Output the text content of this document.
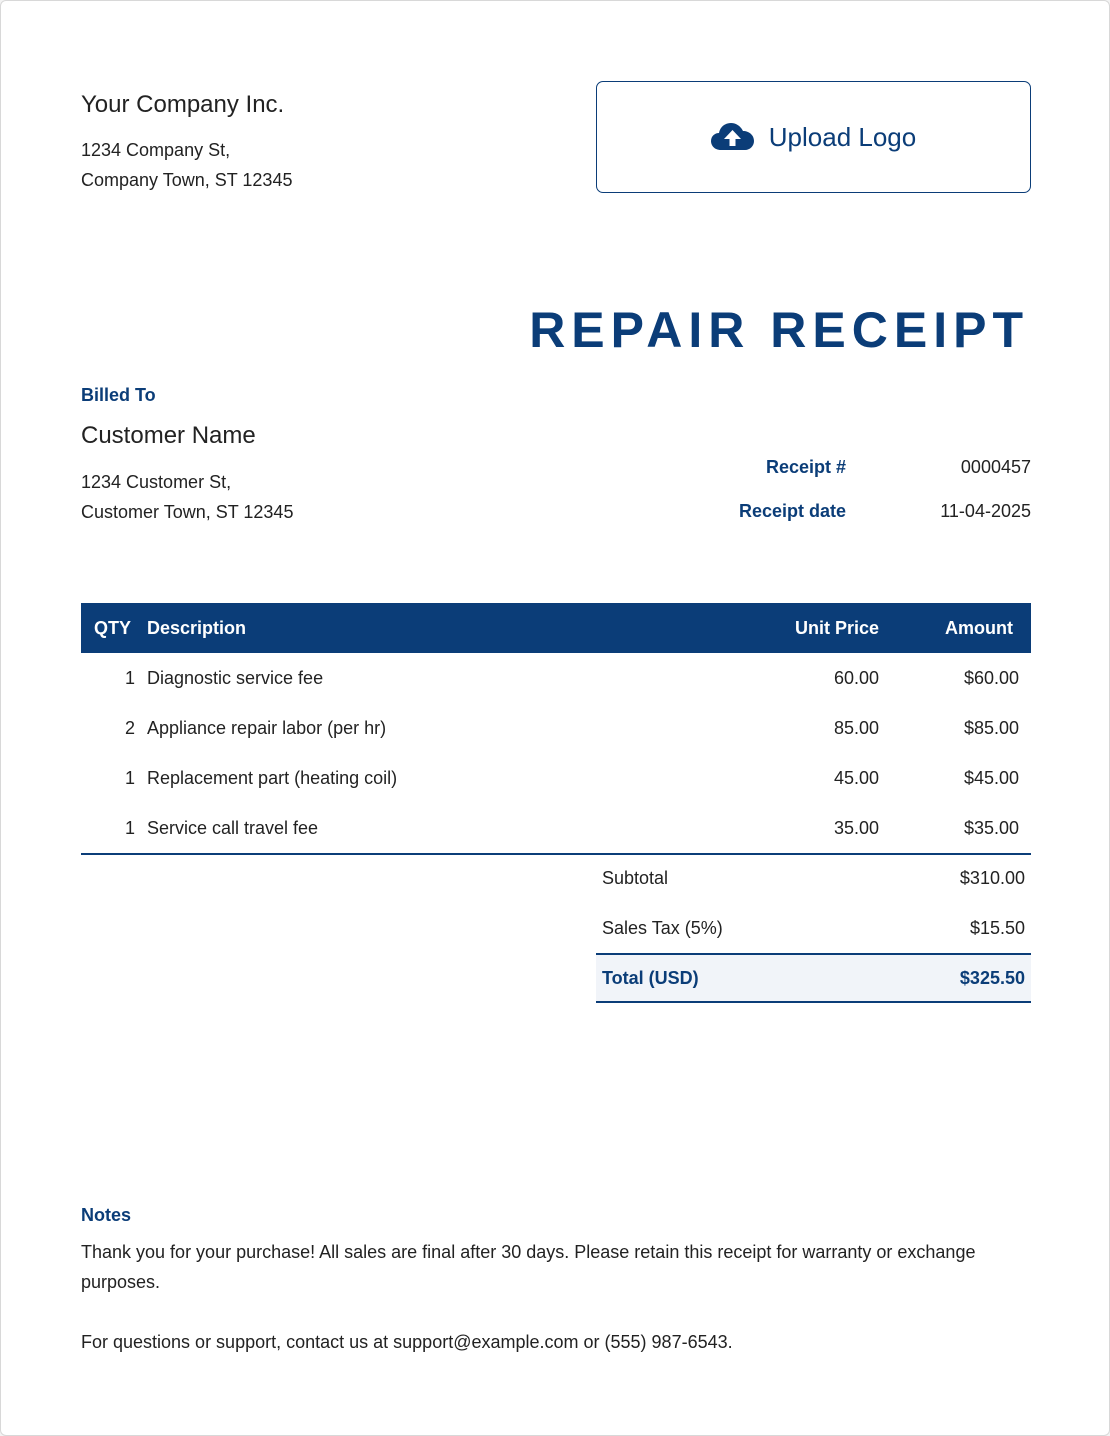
Your Company Inc.
1234 Company St,
Company Town, ST 12345
Upload Logo
REPAIR RECEIPT
Billed To
Customer Name
1234 Customer St,
Customer Town, ST 12345
Receipt #	0000457
Receipt date	11-04-2025
QTY Description	Unit Price	Amount
1 Diagnostic service fee	60.00	$60.00
2 Appliance repair labor (per hr)	85.00	$85.00
1 Replacement part (heating coil)	45.00	$45.00
1 Service call travel fee	35.00	$35.00
Subtotal	$310.00
Sales Tax (5%)	$15.50
Total (USD)	$325.50
Notes
Thank you for your purchase! All sales are final after 30 days. Please retain this receipt for warranty or exchange purposes.
For questions or support, contact us at support@example.com or (555) 987-6543.
